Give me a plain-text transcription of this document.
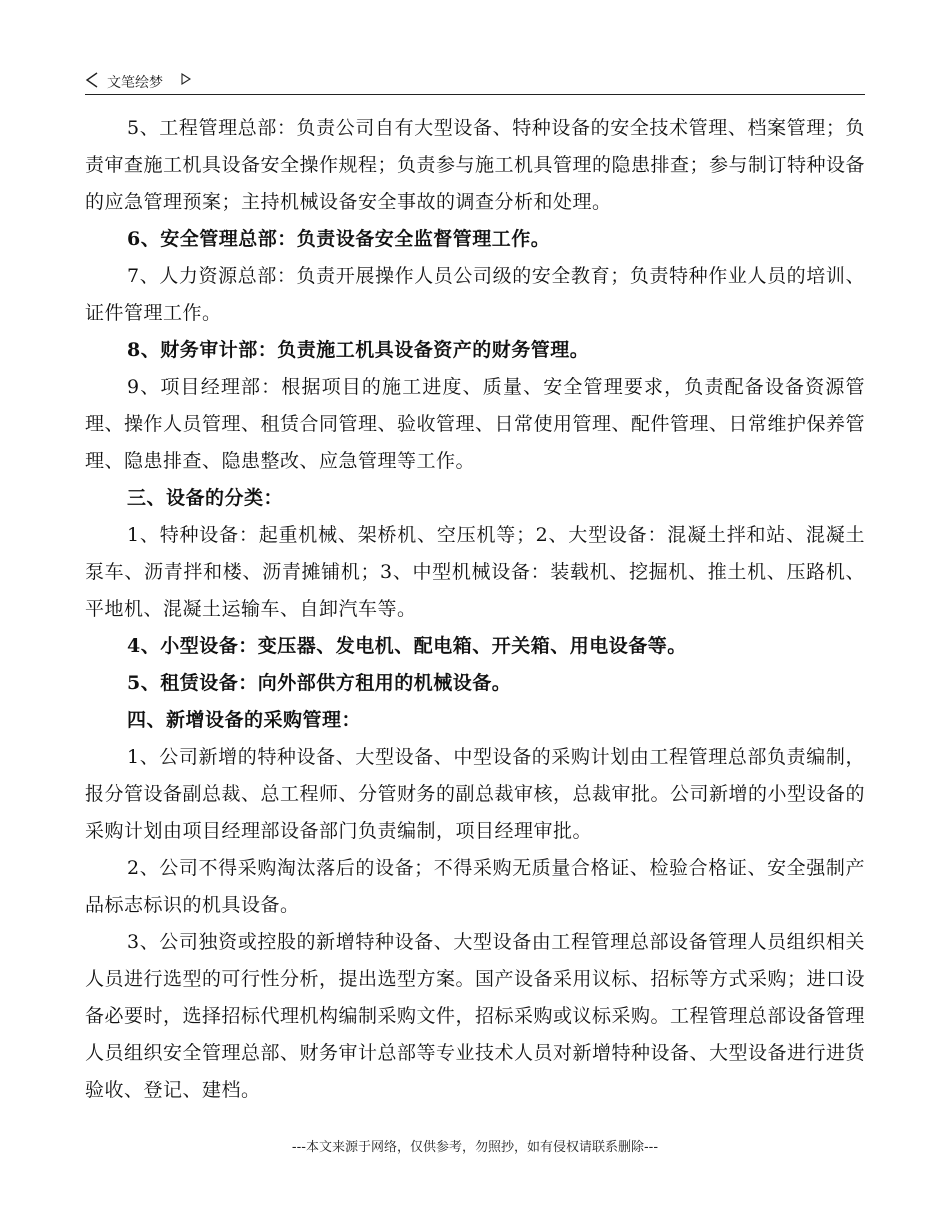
文笔绘梦

5、工程管理总部：负责公司自有大型设备、特种设备的安全技术管理、档案管理；负责审查施工机具设备安全操作规程；负责参与施工机具管理的隐患排查；参与制订特种设备的应急管理预案；主持机械设备安全事故的调查分析和处理。

6、安全管理总部：负责设备安全监督管理工作。

7、人力资源总部：负责开展操作人员公司级的安全教育；负责特种作业人员的培训、证件管理工作。

8、财务审计部：负责施工机具设备资产的财务管理。

9、项目经理部：根据项目的施工进度、质量、安全管理要求，负责配备设备资源管理、操作人员管理、租赁合同管理、验收管理、日常使用管理、配件管理、日常维护保养管理、隐患排查、隐患整改、应急管理等工作。

三、设备的分类：

1、特种设备：起重机械、架桥机、空压机等；2、大型设备：混凝土拌和站、混凝土泵车、沥青拌和楼、沥青摊铺机；3、中型机械设备：装载机、挖掘机、推土机、压路机、平地机、混凝土运输车、自卸汽车等。

4、小型设备：变压器、发电机、配电箱、开关箱、用电设备等。

5、租赁设备：向外部供方租用的机械设备。

四、新增设备的采购管理：

1、公司新增的特种设备、大型设备、中型设备的采购计划由工程管理总部负责编制，报分管设备副总裁、总工程师、分管财务的副总裁审核，总裁审批。公司新增的小型设备的采购计划由项目经理部设备部门负责编制，项目经理审批。

2、公司不得采购淘汰落后的设备；不得采购无质量合格证、检验合格证、安全强制产品标志标识的机具设备。

3、公司独资或控股的新增特种设备、大型设备由工程管理总部设备管理人员组织相关人员进行选型的可行性分析，提出选型方案。国产设备采用议标、招标等方式采购；进口设备必要时，选择招标代理机构编制采购文件，招标采购或议标采购。工程管理总部设备管理人员组织安全管理总部、财务审计总部等专业技术人员对新增特种设备、大型设备进行进货验收、登记、建档。

---本文来源于网络，仅供参考，勿照抄，如有侵权请联系删除---
